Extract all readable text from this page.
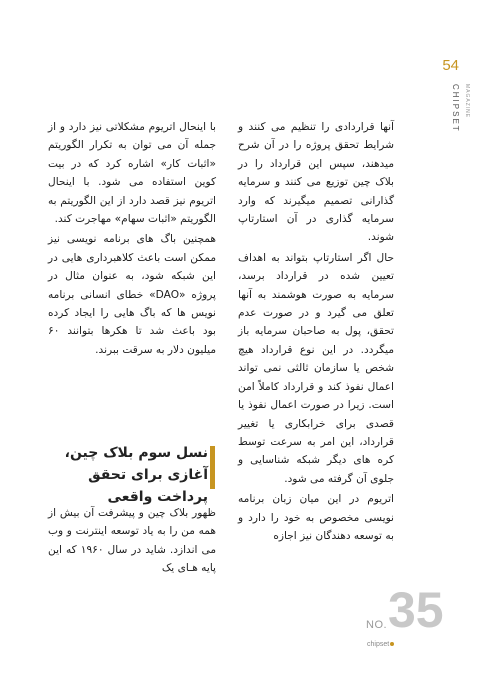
54
CHIPSET MAGAZINE

آنها قراردادی را تنظیم می کنند و شرایط تحقق پروژه را در آن شرح میدهند، سپس این قرارداد را در بلاک چین توزیع می کنند و سرمایه گذارانی تصمیم میگیرند که وارد سرمایه گذاری در آن استارتاپ شوند.

حال اگر استارتاپ بتواند به اهداف تعیین شده در قرارداد برسد، سرمایه به صورت هوشمند به آنها تعلق می گیرد و در صورت عدم تحقق، پول به صاحبان سرمایه باز میگردد. در این نوع قرارداد هیچ شخص یا سازمان ثالثی نمی تواند اعمال نفوذ کند و قرارداد کاملاً امن است. زیرا در صورت اعمال نفوذ یا قصدی برای خرابکاری یا تغییر قرارداد، این امر به سرعت توسط کره های دیگر شبکه شناسایی و جلوی آن گرفته می شود.

اتریوم در این میان زبان برنامه نویسی مخصوص به خود را دارد و به توسعه دهندگان نیز اجازه

با اینحال اتریوم مشکلاتی نیز دارد و از جمله آن می توان به تکرار الگوریتم «اثبات کار» اشاره کرد که در بیت کوین استفاده می شود. با اینحال اتریوم نیز قصد دارد از این الگوریتم به الگوریتم «اثبات سهام» مهاجرت کند.

همچنین باگ های برنامه نویسی نیز ممکن است باعث کلاهبرداری هایی در این شبکه شود، به عنوان مثال در پروژه «DAO» خطای انسانی برنامه نویس ها که باگ هایی را ایجاد کرده بود باعث شد تا هکرها بتوانند ۶۰ میلیون دلار به سرقت ببرند.

نسل سوم بلاک چین، آغازی برای تحقق پرداخت واقعی

ظهور بلاک چین و پیشرفت آن بیش از همه من را به یاد توسعه اینترنت و وب می اندازد. شاید در سال ۱۹۶۰ که این پایه هـای یک

35
NO.
chipset
